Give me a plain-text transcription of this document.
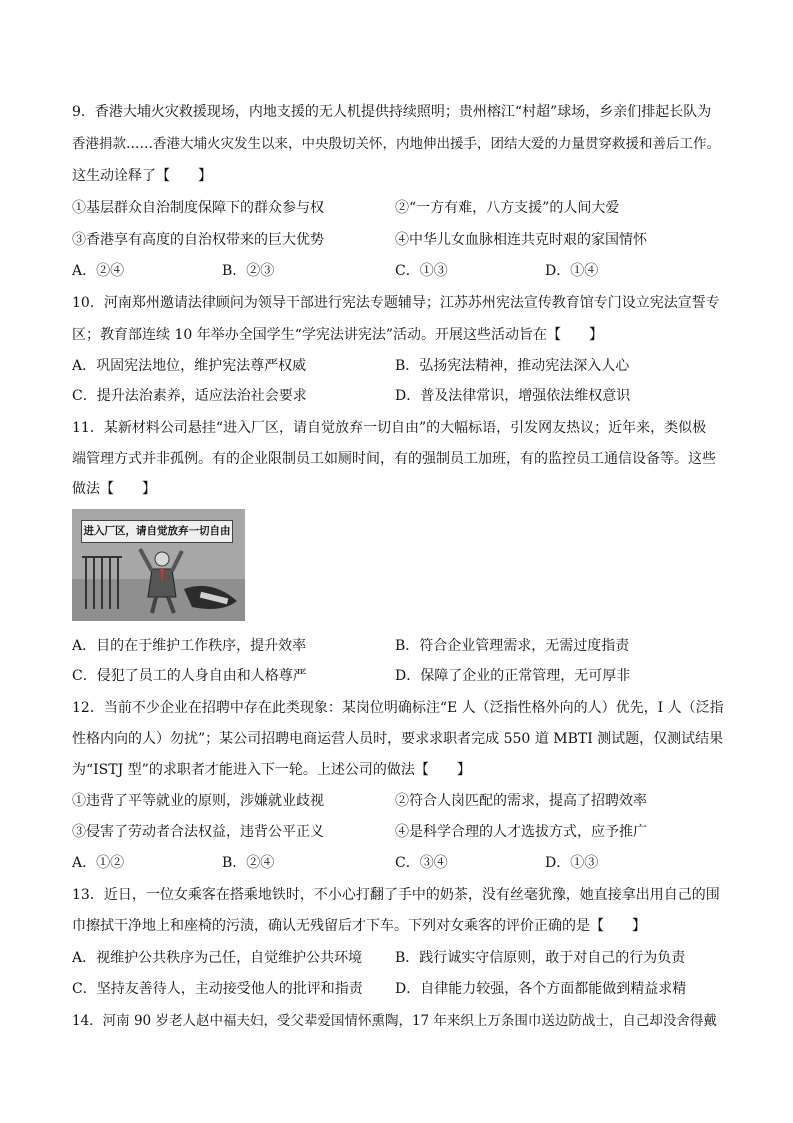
9．香港大埔火灾救援现场，内地支援的无人机提供持续照明；贵州榕江“村超”球场，乡亲们排起长队为
香港捐款……香港大埔火灾发生以来，中央殷切关怀，内地伸出援手，团结大爱的力量贯穿救援和善后工作。
这生动诠释了【　　】
①基层群众自治制度保障下的群众参与权	②“一方有难，八方支援”的人间大爱
③香港享有高度的自治权带来的巨大优势	④中华儿女血脉相连共克时艰的家国情怀
A．②④	B．②③	C．①③	D．①④
10．河南郑州邀请法律顾问为领导干部进行宪法专题辅导；江苏苏州宪法宣传教育馆专门设立宪法宣誓专
区；教育部连续 10 年举办全国学生“学宪法讲宪法”活动。开展这些活动旨在【　　】
A．巩固宪法地位，维护宪法尊严权威	B．弘扬宪法精神，推动宪法深入人心
C．提升法治素养，适应法治社会要求	D．普及法律常识，增强依法维权意识
11．某新材料公司悬挂“进入厂区，请自觉放弃一切自由”的大幅标语，引发网友热议；近年来，类似极
端管理方式并非孤例。有的企业限制员工如厕时间，有的强制员工加班，有的监控员工通信设备等。这些
做法【　　】
进入厂区，请自觉放弃一切自由
A．目的在于维护工作秩序，提升效率	B．符合企业管理需求，无需过度指责
C．侵犯了员工的人身自由和人格尊严	D．保障了企业的正常管理，无可厚非
12．当前不少企业在招聘中存在此类现象：某岗位明确标注“E 人（泛指性格外向的人）优先，I 人（泛指
性格内向的人）勿扰”；某公司招聘电商运营人员时，要求求职者完成 550 道 MBTI 测试题，仅测试结果
为“ISTJ 型”的求职者才能进入下一轮。上述公司的做法【　　】
①违背了平等就业的原则，涉嫌就业歧视	②符合人岗匹配的需求，提高了招聘效率
③侵害了劳动者合法权益，违背公平正义	④是科学合理的人才选拔方式，应予推广
A．①②	B．②④	C．③④	D．①③
13．近日，一位女乘客在搭乘地铁时，不小心打翻了手中的奶茶，没有丝毫犹豫，她直接拿出用自己的围
巾擦拭干净地上和座椅的污渍，确认无残留后才下车。下列对女乘客的评价正确的是【　　】
A．视维护公共秩序为己任，自觉维护公共环境 B．践行诚实守信原则，敢于对自己的行为负责
C．坚持友善待人，主动接受他人的批评和指责 D．自律能力较强，各个方面都能做到精益求精
14．河南 90 岁老人赵中福夫妇，受父辈爱国情怀熏陶，17 年来织上万条围巾送边防战士，自己却没舍得戴
